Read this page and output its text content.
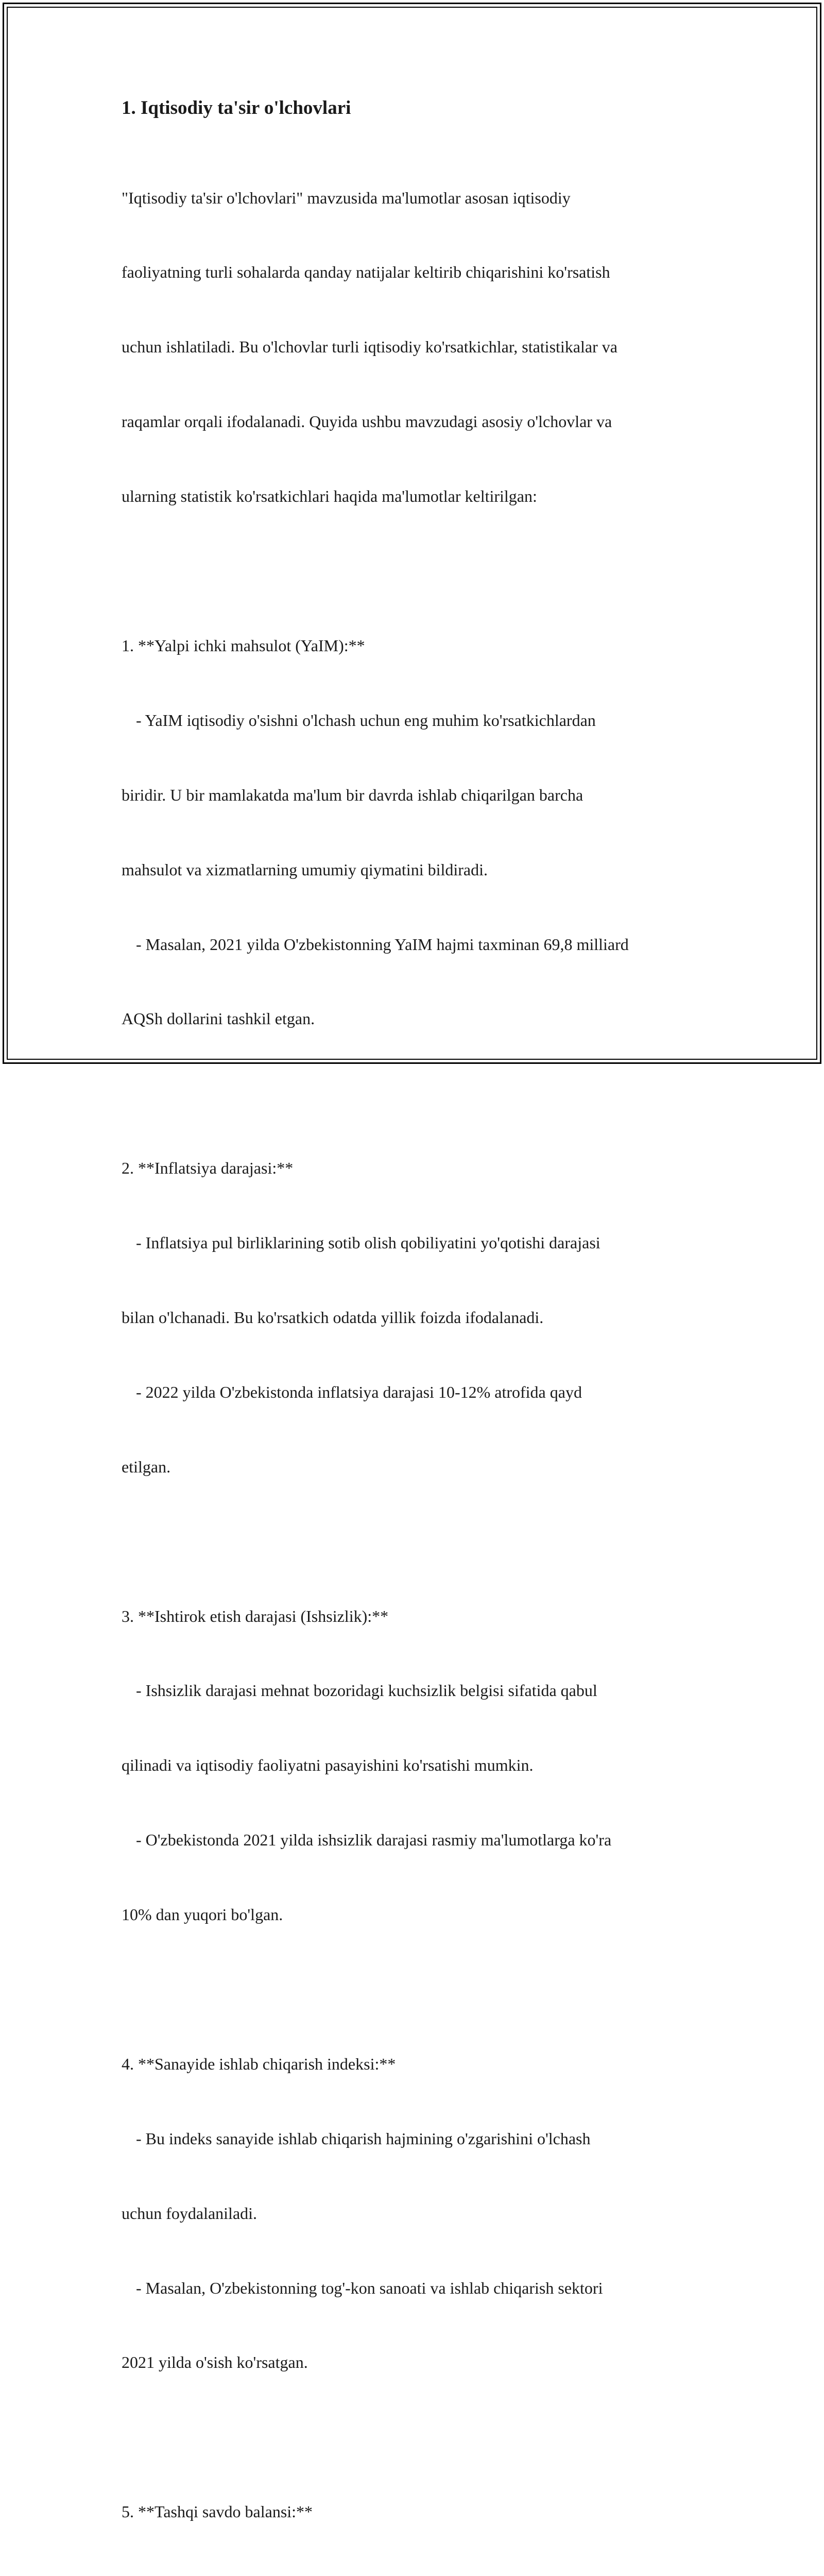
1. Iqtisodiy ta'sir o'lchovlari

"Iqtisodiy ta'sir o'lchovlari" mavzusida ma'lumotlar asosan iqtisodiy

faoliyatning turli sohalarda qanday natijalar keltirib chiqarishini ko'rsatish

uchun ishlatiladi. Bu o'lchovlar turli iqtisodiy ko'rsatkichlar, statistikalar va

raqamlar orqali ifodalanadi. Quyida ushbu mavzudagi asosiy o'lchovlar va

ularning statistik ko'rsatkichlari haqida ma'lumotlar keltirilgan:

1. **Yalpi ichki mahsulot (YaIM):**

- YaIM iqtisodiy o'sishni o'lchash uchun eng muhim ko'rsatkichlardan

biridir. U bir mamlakatda ma'lum bir davrda ishlab chiqarilgan barcha

mahsulot va xizmatlarning umumiy qiymatini bildiradi.

- Masalan, 2021 yilda O'zbekistonning YaIM hajmi taxminan 69,8 milliard

AQSh dollarini tashkil etgan.

2. **Inflatsiya darajasi:**

- Inflatsiya pul birliklarining sotib olish qobiliyatini yo'qotishi darajasi

bilan o'lchanadi. Bu ko'rsatkich odatda yillik foizda ifodalanadi.

- 2022 yilda O'zbekistonda inflatsiya darajasi 10-12% atrofida qayd

etilgan.

3. **Ishtirok etish darajasi (Ishsizlik):**

- Ishsizlik darajasi mehnat bozoridagi kuchsizlik belgisi sifatida qabul

qilinadi va iqtisodiy faoliyatni pasayishini ko'rsatishi mumkin.

- O'zbekistonda 2021 yilda ishsizlik darajasi rasmiy ma'lumotlarga ko'ra

10% dan yuqori bo'lgan.

4. **Sanayide ishlab chiqarish indeksi:**

- Bu indeks sanayide ishlab chiqarish hajmining o'zgarishini o'lchash

uchun foydalaniladi.

- Masalan, O'zbekistonning tog'-kon sanoati va ishlab chiqarish sektori

2021 yilda o'sish ko'rsatgan.

5. **Tashqi savdo balansi:**
